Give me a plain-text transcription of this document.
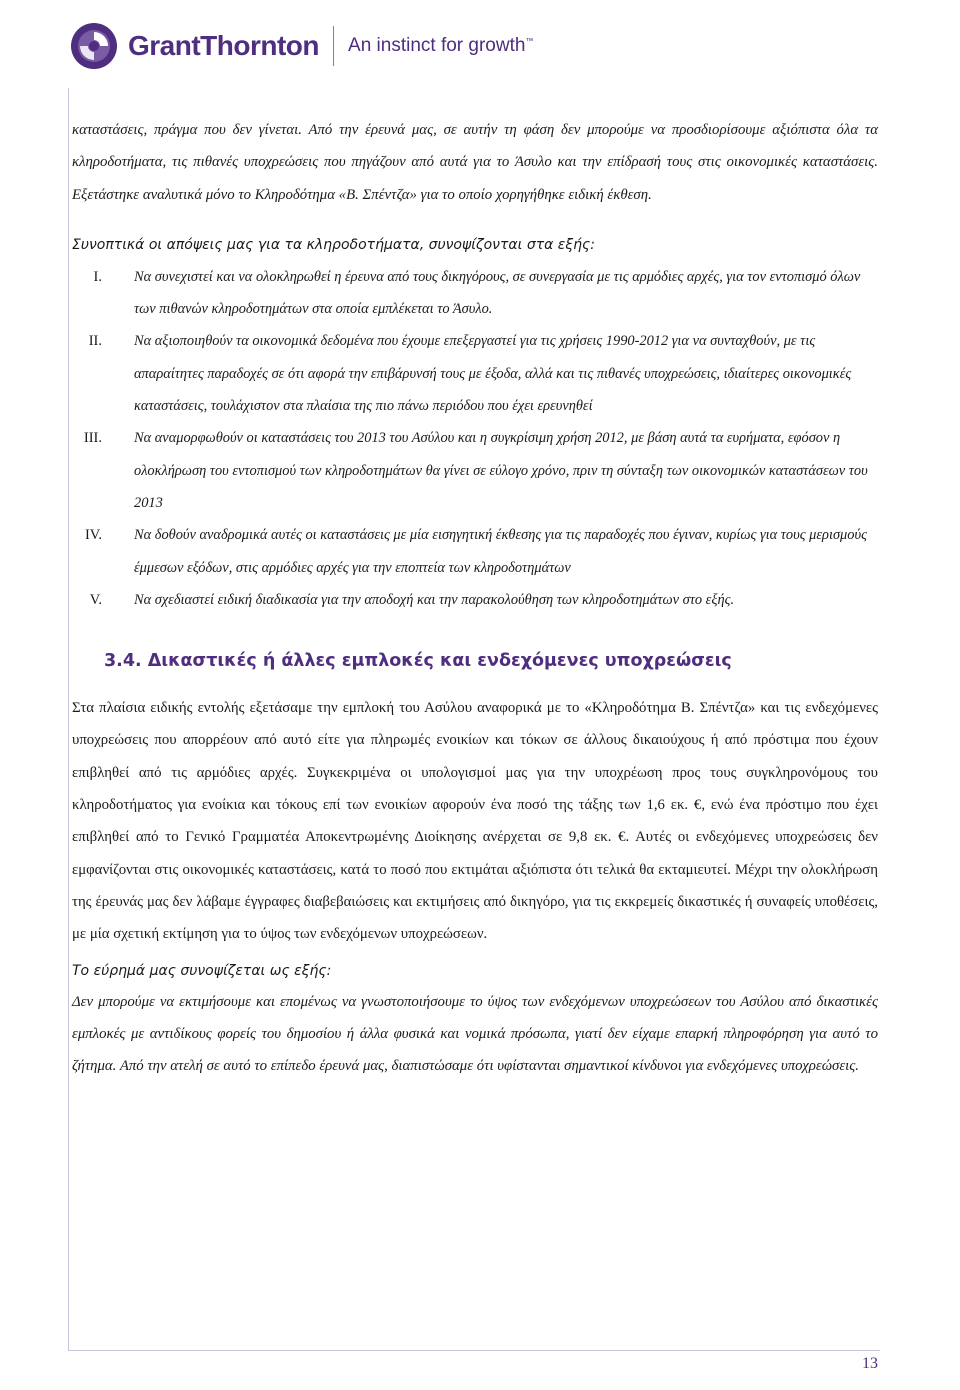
GrantThornton An instinct for growth™

καταστάσεις, πράγμα που δεν γίνεται. Από την έρευνά μας, σε αυτήν τη φάση δεν μπορούμε να προσδιορίσουμε αξιόπιστα όλα τα κληροδοτήματα, τις πιθανές υποχρεώσεις που πηγάζουν από αυτά για το Άσυλο και την επίδρασή τους στις οικονομικές καταστάσεις. Εξετάστηκε αναλυτικά μόνο το Κληροδότημα «Β. Σπέντζα» για το οποίο χορηγήθηκε ειδική έκθεση.

Συνοπτικά οι απόψεις μας για τα κληροδοτήματα, συνοψίζονται στα εξής:

I. Να συνεχιστεί και να ολοκληρωθεί η έρευνα από τους δικηγόρους, σε συνεργασία με τις αρμόδιες αρχές, για τον εντοπισμό όλων των πιθανών κληροδοτημάτων στα οποία εμπλέκεται το Άσυλο.
II. Να αξιοποιηθούν τα οικονομικά δεδομένα που έχουμε επεξεργαστεί για τις χρήσεις 1990-2012 για να συνταχθούν, με τις απαραίτητες παραδοχές σε ότι αφορά την επιβάρυνσή τους με έξοδα, αλλά και τις πιθανές υποχρεώσεις, ιδιαίτερες οικονομικές καταστάσεις, τουλάχιστον στα πλαίσια της πιο πάνω περιόδου που έχει ερευνηθεί
III. Να αναμορφωθούν οι καταστάσεις του 2013 του Ασύλου και η συγκρίσιμη χρήση 2012, με βάση αυτά τα ευρήματα, εφόσον η ολοκλήρωση του εντοπισμού των κληροδοτημάτων θα γίνει σε εύλογο χρόνο, πριν τη σύνταξη των οικονομικών καταστάσεων του 2013
IV. Να δοθούν αναδρομικά αυτές οι καταστάσεις με μία εισηγητική έκθεσης για τις παραδοχές που έγιναν, κυρίως για τους μερισμούς έμμεσων εξόδων, στις αρμόδιες αρχές για την εποπτεία των κληροδοτημάτων
V. Να σχεδιαστεί ειδική διαδικασία για την αποδοχή και την παρακολούθηση των κληροδοτημάτων στο εξής.
3.4. Δικαστικές ή άλλες εμπλοκές και ενδεχόμενες υποχρεώσεις

Στα πλαίσια ειδικής εντολής εξετάσαμε την εμπλοκή του Ασύλου αναφορικά με το «Κληροδότημα Β. Σπέντζα» και τις ενδεχόμενες υποχρεώσεις που απορρέουν από αυτό είτε για πληρωμές ενοικίων και τόκων σε άλλους δικαιούχους ή από πρόστιμα που έχουν επιβληθεί από τις αρμόδιες αρχές. Συγκεκριμένα οι υπολογισμοί μας για την υποχρέωση προς τους συγκληρονόμους του κληροδοτήματος για ενοίκια και τόκους επί των ενοικίων αφορούν ένα ποσό της τάξης των 1,6 εκ. €, ενώ ένα πρόστιμο που έχει επιβληθεί από το Γενικό Γραμματέα Αποκεντρωμένης Διοίκησης ανέρχεται σε 9,8 εκ. €. Αυτές οι ενδεχόμενες υποχρεώσεις δεν εμφανίζονται στις οικονομικές καταστάσεις, κατά το ποσό που εκτιμάται αξιόπιστα ότι τελικά θα εκταμιευτεί. Μέχρι την ολοκλήρωση της έρευνάς μας δεν λάβαμε έγγραφες διαβεβαιώσεις και εκτιμήσεις από δικηγόρο, για τις εκκρεμείς δικαστικές ή συναφείς υποθέσεις, με μία σχετική εκτίμηση για το ύψος των ενδεχόμενων υποχρεώσεων.

Το εύρημά μας συνοψίζεται ως εξής:

Δεν μπορούμε να εκτιμήσουμε και επομένως να γνωστοποιήσουμε το ύψος των ενδεχόμενων υποχρεώσεων του Ασύλου από δικαστικές εμπλοκές με αντιδίκους φορείς του δημοσίου ή άλλα φυσικά και νομικά πρόσωπα, γιατί δεν είχαμε επαρκή πληροφόρηση για αυτό το ζήτημα. Από την ατελή σε αυτό το επίπεδο έρευνά μας, διαπιστώσαμε ότι υφίστανται σημαντικοί κίνδυνοι για ενδεχόμενες υποχρεώσεις.

13
